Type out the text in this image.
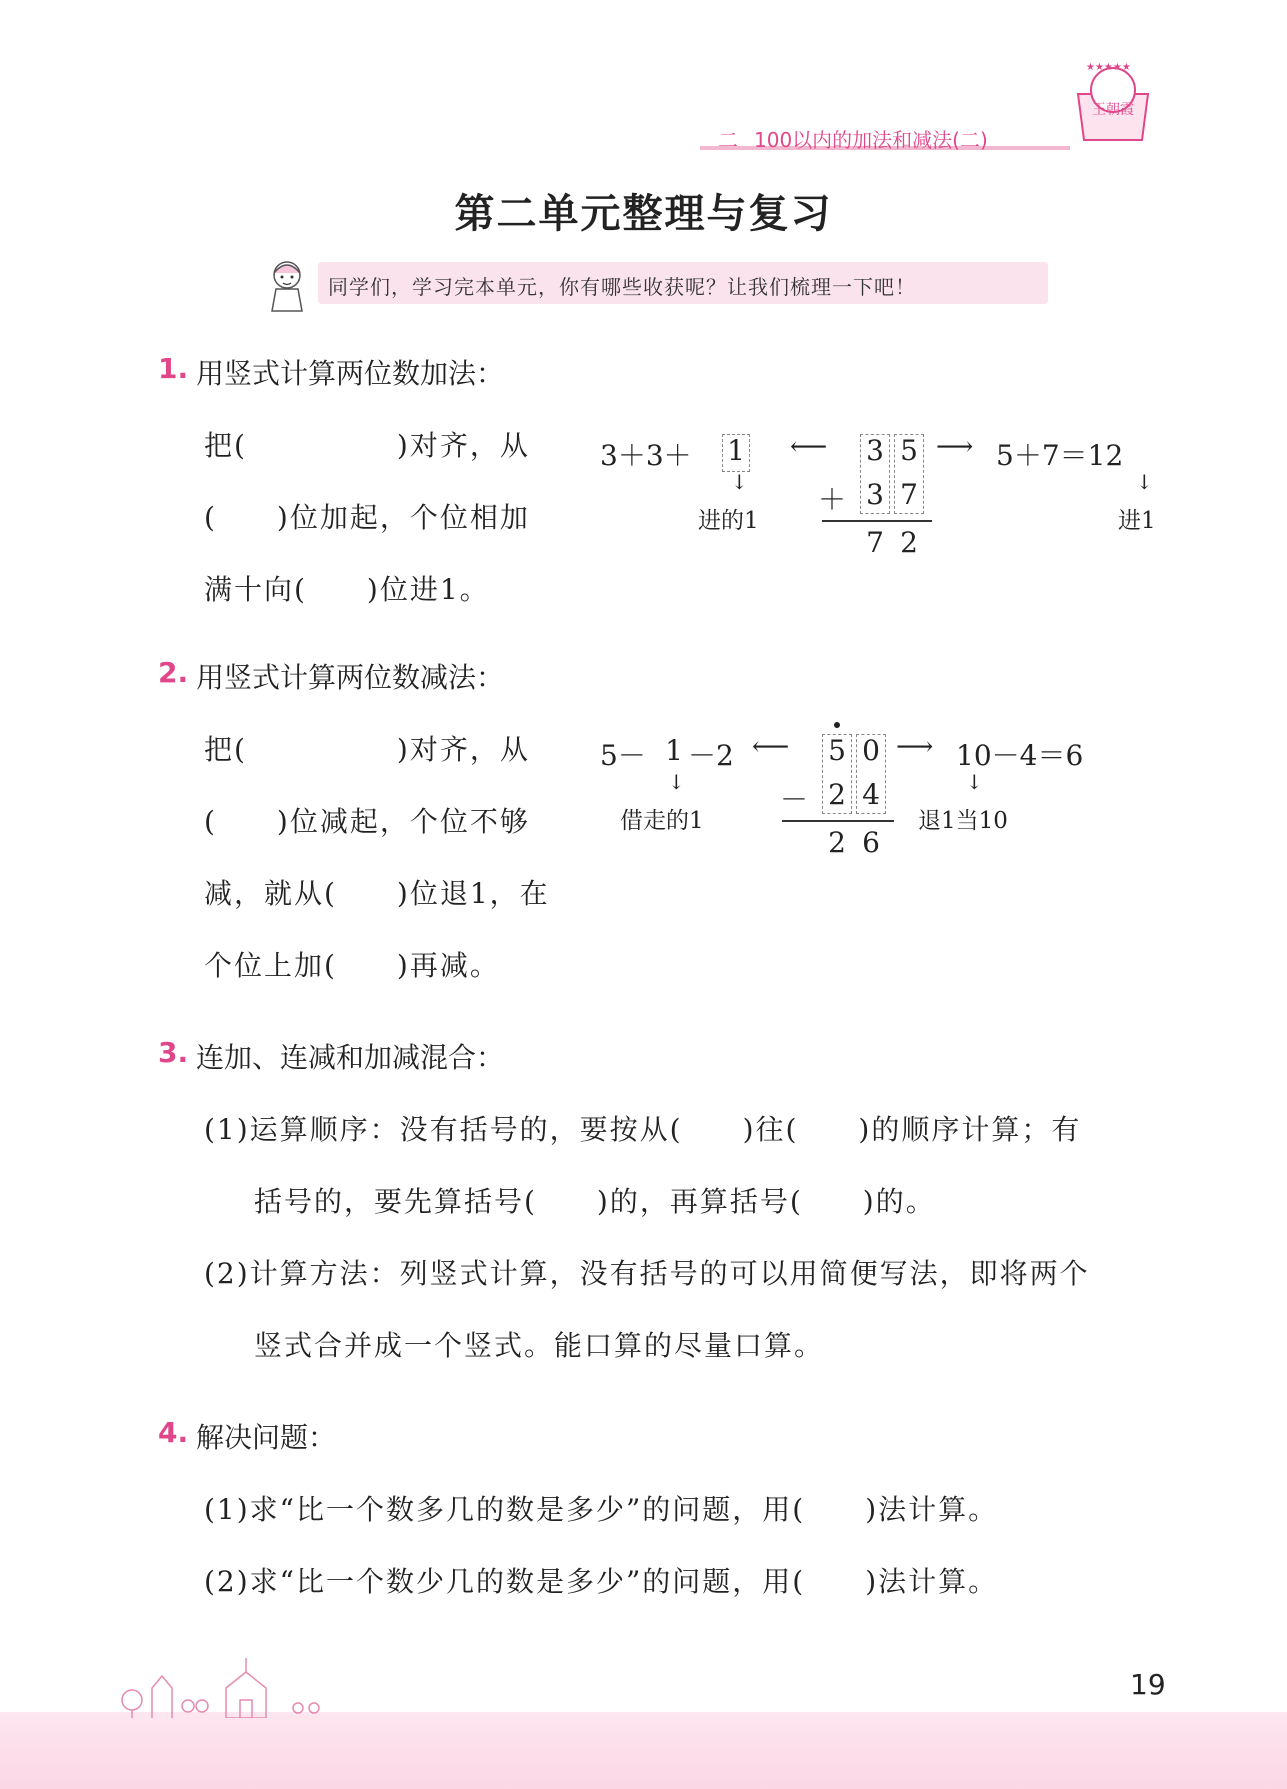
二 100以内的加法和减法(二)
★★★★★
王朝霞
第二单元整理与复习
同学们，学习完本单元，你有哪些收获呢？让我们梳理一下吧！
1. 用竖式计算两位数加法：
把(　　　　　)对齐，从
(　　)位加起，个位相加
满十向(　　)位进1。
3＋3＋ 1
↓
进的1
⟵ 3 5
＋ 3 7
7 2
⟶ 5＋7＝12
↓
进1
2. 用竖式计算两位数减法：
把(　　　　　)对齐，从
(　　)位减起，个位不够
减，就从(　　)位退1，在
个位上加(　　)再减。
5－ 1 －2 ⟵
↓
借走的1
5 0
－ 2 4
2 6
⟶ 10－4＝6
↓
退1当10
3. 连加、连减和加减混合：
(1)运算顺序：没有括号的，要按从(　　)往(　　)的顺序计算；有
括号的，要先算括号(　　)的，再算括号(　　)的。
(2)计算方法：列竖式计算，没有括号的可以用简便写法，即将两个
竖式合并成一个竖式。能口算的尽量口算。
4. 解决问题：
(1)求“比一个数多几的数是多少”的问题，用(　　)法计算。
(2)求“比一个数少几的数是多少”的问题，用(　　)法计算。
19
